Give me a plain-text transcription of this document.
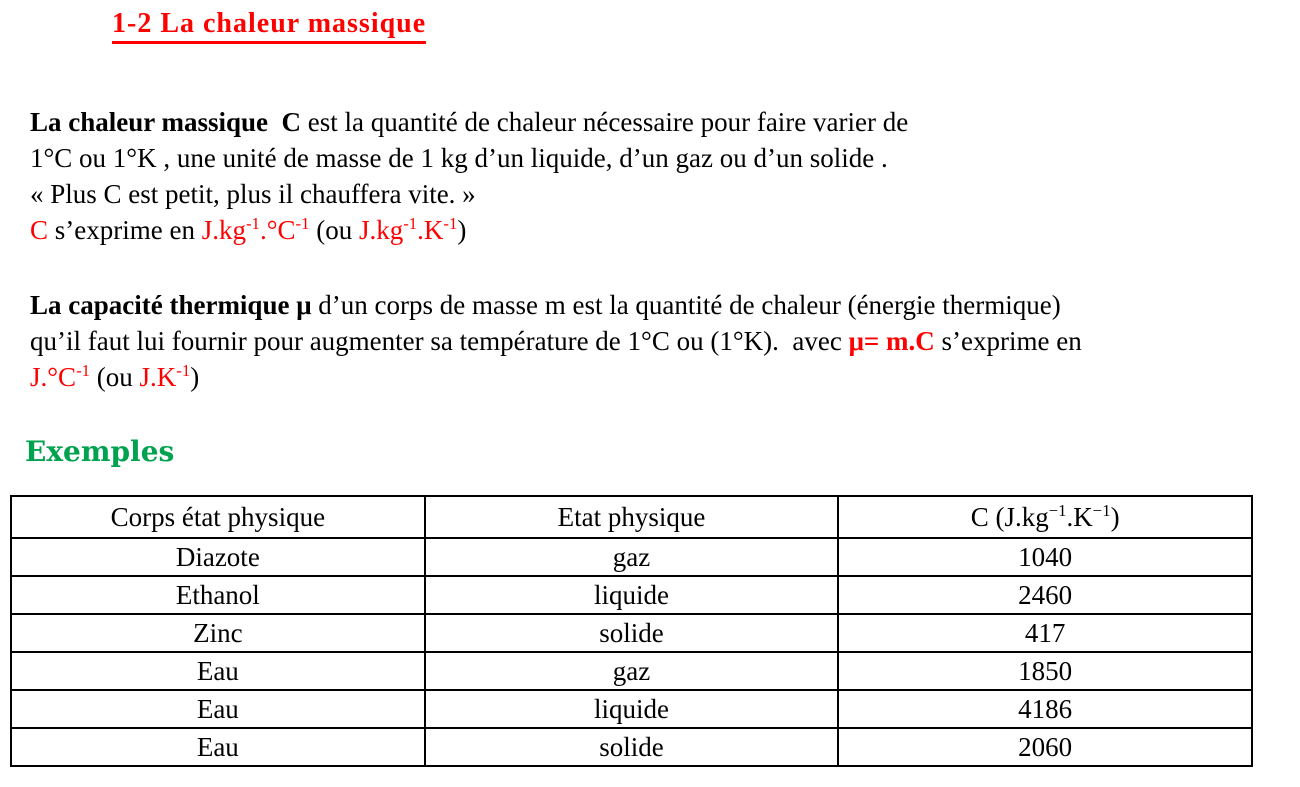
1-2 La chaleur massique
La chaleur massique  C est la quantité de chaleur nécessaire pour faire varier de
1°C ou 1°K , une unité de masse de 1 kg d’un liquide, d’un gaz ou d’un solide .
« Plus C est petit, plus il chauffera vite. »
C s’exprime en $J.kg^{-1}.^\circ C^{-1}$ (ou $J.kg^{-1}.K^{-1}$)
La capacité thermique μ d’un corps de masse m est la quantité de chaleur (énergie thermique)
qu’il faut lui fournir pour augmenter sa température de 1°C ou (1°K).  avec μ= m.C s’exprime en
$J.^\circ C^{-1}$ (ou $J.K^{-1}$)
Exemples
Corps état physique	Etat physique	C $(J.kg^{-1}.K^{-1})$
Diazote	gaz	1040
Ethanol	liquide	2460
Zinc	solide	417
Eau	gaz	1850
Eau	liquide	4186
Eau	solide	2060
